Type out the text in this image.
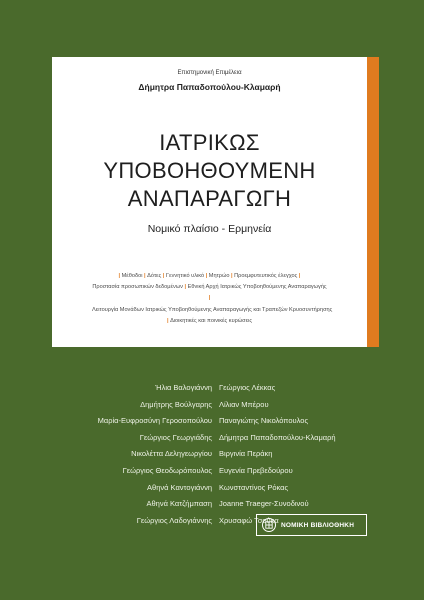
Επιστημονική Επιμέλεια
Δήμητρα Παπαδοπούλου-Κλαμαρή
ΙΑΤΡΙΚΩΣ
ΥΠΟΒΟΗΘΟΥΜΕΝΗ
ΑΝΑΠΑΡΑΓΩΓΗ
Νομικό πλαίσιο - Ερμηνεία
| Μέθοδοι | Δότες | Γεννητικό υλικό | Μητρώο | Προεμφυτευτικός έλεγχος | Προστασία προσωπικών δεδομένων | Εθνική Αρχή Ιατρικώς Υποβοηθούμενης Αναπαραγωγής | Λειτουργία Μονάδων Ιατρικώς Υποβοηθούμενης Αναπαραγωγής και Τραπεζών Κρυοσυντήρησης | Διοικητικές και ποινικές κυρώσεις
Ήλια Βαλογιάννη
Δημήτρης Βούλγαρης
Μαρία-Ευφροσύνη Γεροσοπούλου
Γεώργιος Γεωργιάδης
Νικολέττα Δεληγεωργίου
Γεώργιος Θεοδωρόπουλος
Αθηνά Καντογιάννη
Αθηνά Κατζήμπαση
Γεώργιος Λαδογιάννης
Γεώργιος Λέκκας
Λίλιαν Μπέρου
Παναγιώτης Νικολόπουλος
Δήμητρα Παπαδοπούλου-Κλαμαρή
Βιργινία Περάκη
Ευγενία Πρεβεδούρου
Κωνσταντίνος Ρόκας
Joanne Traeger-Συνοδινού
Χρυσαφώ Τσούκα
ΝΟΜΙΚΗ ΒΙΒΛΙΟΘΗΚΗ
